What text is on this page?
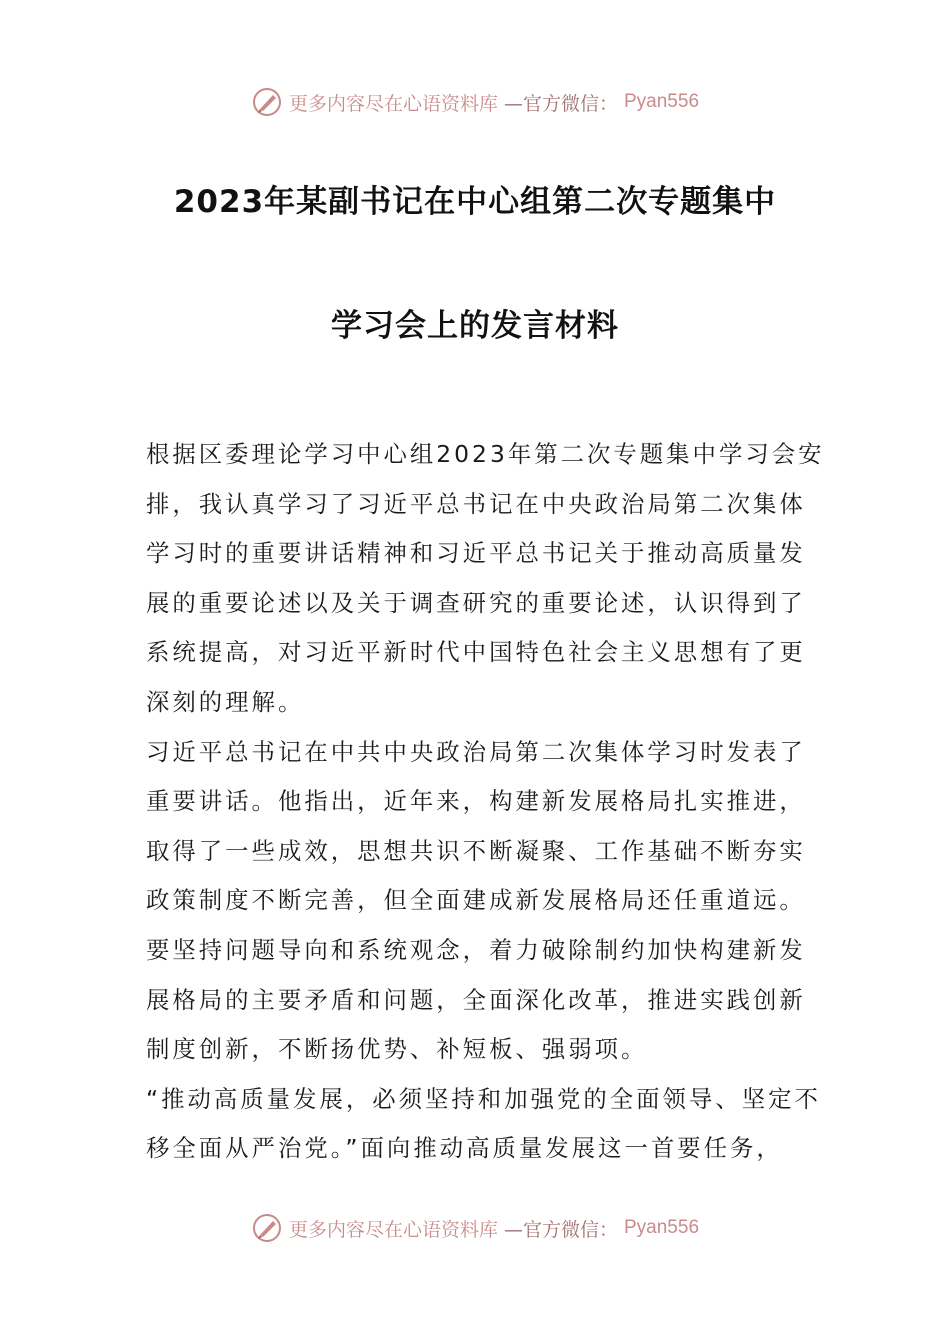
更多内容尽在心语资料库 —官方微信： Pyan556
2023年某副书记在中心组第二次专题集中
学习会上的发言材料
根据区委理论学习中心组2023年第二次专题集中学习会安
排，我认真学习了习近平总书记在中央政治局第二次集体
学习时的重要讲话精神和习近平总书记关于推动高质量发
展的重要论述以及关于调查研究的重要论述，认识得到了
系统提高，对习近平新时代中国特色社会主义思想有了更
深刻的理解。
习近平总书记在中共中央政治局第二次集体学习时发表了
重要讲话。他指出，近年来，构建新发展格局扎实推进，
取得了一些成效，思想共识不断凝聚、工作基础不断夯实
政策制度不断完善，但全面建成新发展格局还任重道远。
要坚持问题导向和系统观念，着力破除制约加快构建新发
展格局的主要矛盾和问题，全面深化改革，推进实践创新
制度创新，不断扬优势、补短板、强弱项。
“推动高质量发展，必须坚持和加强党的全面领导、坚定不
移全面从严治党。”面向推动高质量发展这一首要任务，
更多内容尽在心语资料库 —官方微信： Pyan556
